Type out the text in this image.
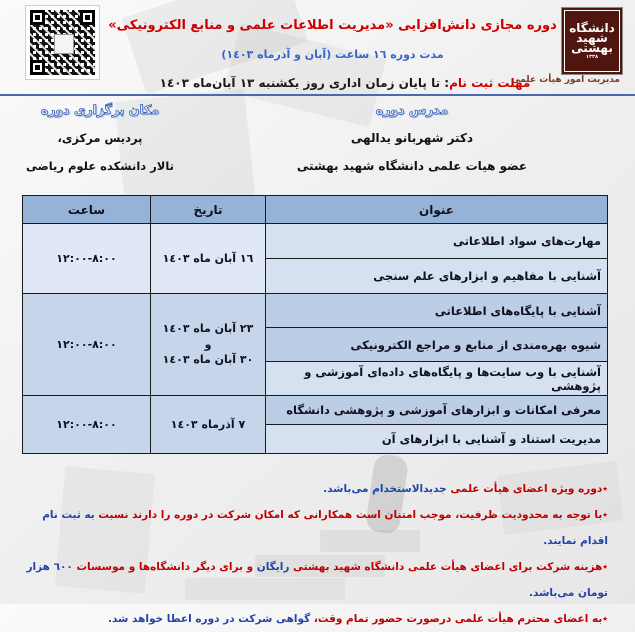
دانشگاه
شهید
بهشتی
١٣٣٨
دوره مجازی دانش‌افزایی «مدیریت اطلاعات علمی و منابع الکترونیکی»
مدت دوره ١٦ ساعت (آبان و آذرماه ١٤٠٣)
مدیریت امور هیأت علمی
مهلت ثبت نام: تا پایان زمان اداری روز یکشنبه ١٣ آبان‌ماه ١٤٠٣
مدرس دوره
مکان برگزاری دوره
دکتر شهربانو یدالهی
عضو هیات علمی دانشگاه شهید بهشتی
پردیس مرکزی،
تالار دانشکده علوم ریاضی
عنوان	تاریخ	ساعت
مهارت‌های سواد اطلاعاتی	١٦ آبان ماه ١٤٠٣	٨:٠٠-١٢:٠٠
آشنایی با مفاهیم و ابزارهای علم سنجی		
آشنایی با پایگاه‌های اطلاعاتی	٢٣ آبان ماه ١٤٠٣
و
٣٠ آبان ماه ١٤٠٣	٨:٠٠-١٢:٠٠
شیوه بهره‌مندی از منابع و مراجع الکترونیکی		
آشنایی با وب سایت‌ها و پایگاه‌های داده‌ای آموزشی و پژوهشی		
معرفی امکانات و ابزارهای آموزشی و پژوهشی دانشگاه	٧ آذرماه ١٤٠٣	٨:٠٠-١٢:٠٠
مدیریت استناد و آشنایی با ابزارهای آن		
٭دوره ویژه اعضای هیأت علمی جدیدالاستخدام می‌باشد.
٭با توجه به محدودیت ظرفیت، موجب امتنان است همکارانی که امکان شرکت در دوره را دارند نسبت به ثبت نام اقدام نمایند.
٭هزینه شرکت برای اعضای هیأت علمی دانشگاه شهید بهشتی رایگان و برای دیگر دانشگاه‌ها و موسسات ٦٠٠ هزار تومان می‌باشد.
٭به اعضای محترم هیأت علمی درصورت حضور تمام وقت، گواهی شرکت در دوره اعطا خواهد شد.
